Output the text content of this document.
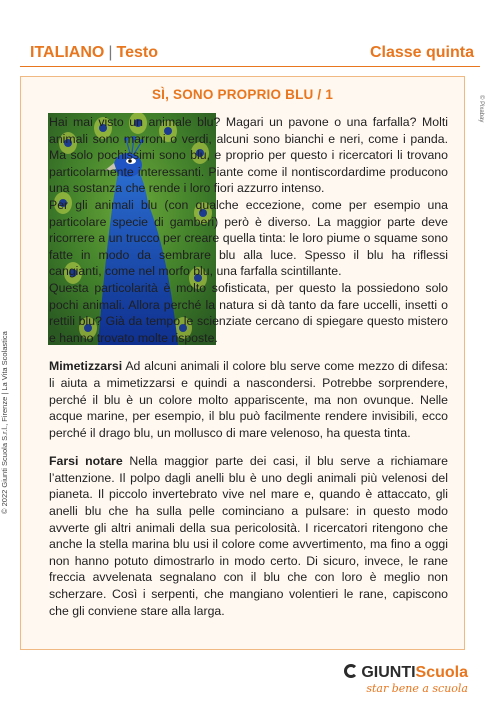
ITALIANO | Testo	Classe quinta
SÌ, SONO PROPRIO BLU / 1

Hai mai visto un animale blu? Magari un pavone o una farfalla? Molti animali sono marroni o verdi, alcuni sono bianchi e neri, come i panda. Ma solo pochissimi sono blu, e proprio per questo i ricercatori li trovano particolarmente interessanti. Piante come il nontiscordardime producono una sostanza che rende i loro fiori azzurro intenso.

Per gli animali blu (con qualche eccezione, come per esempio una particolare specie di gamberi) però è diverso. La maggior parte deve ricorrere a un trucco per creare quella tinta: le loro piume o squame sono fatte in modo da sembrare blu alla luce. Spesso il blu ha riflessi cangianti, come nel morfo blu, una farfalla scintillante.

Questa particolarità è molto sofisticata, per questo la possiedono solo pochi animali. Allora perché la natura si dà tanto da fare uccelli, insetti o rettili blu? Già da tempo le scienziate cercano di spiegare questo mistero e hanno trovato molte risposte.

Mimetizzarsi Ad alcuni animali il colore blu serve come mezzo di difesa: li aiuta a mimetizzarsi e quindi a nascondersi. Potrebbe sorprendere, perché il blu è un colore molto appariscente, ma non ovunque. Nelle acque marine, per esempio, il blu può facilmente rendere invisibili, ecco perché il drago blu, un mollusco di mare velenoso, ha questa tinta.

Farsi notare Nella maggior parte dei casi, il blu serve a richiamare l’attenzione. Il polpo dagli anelli blu è uno degli animali più velenosi del pianeta. Il piccolo invertebrato vive nel mare e, quando è attaccato, gli anelli blu che ha sulla pelle cominciano a pulsare: in questo modo avverte gli altri animali della sua pericolosità. I ricercatori ritengono che anche la stella marina blu usi il colore come avvertimento, ma fino a oggi non hanno potuto dimostrarlo in modo certo. Di sicuro, invece, le rane freccia avvelenata segnalano con il blu che con loro è meglio non scherzare. Così i serpenti, che mangiano volentieri le rane, capiscono che gli conviene stare alla larga.

© 2022 Giunti Scuola S.r.l., Firenze | La Vita Scolastica
© Pixabay
GIUNTIScuola
star bene a scuola
